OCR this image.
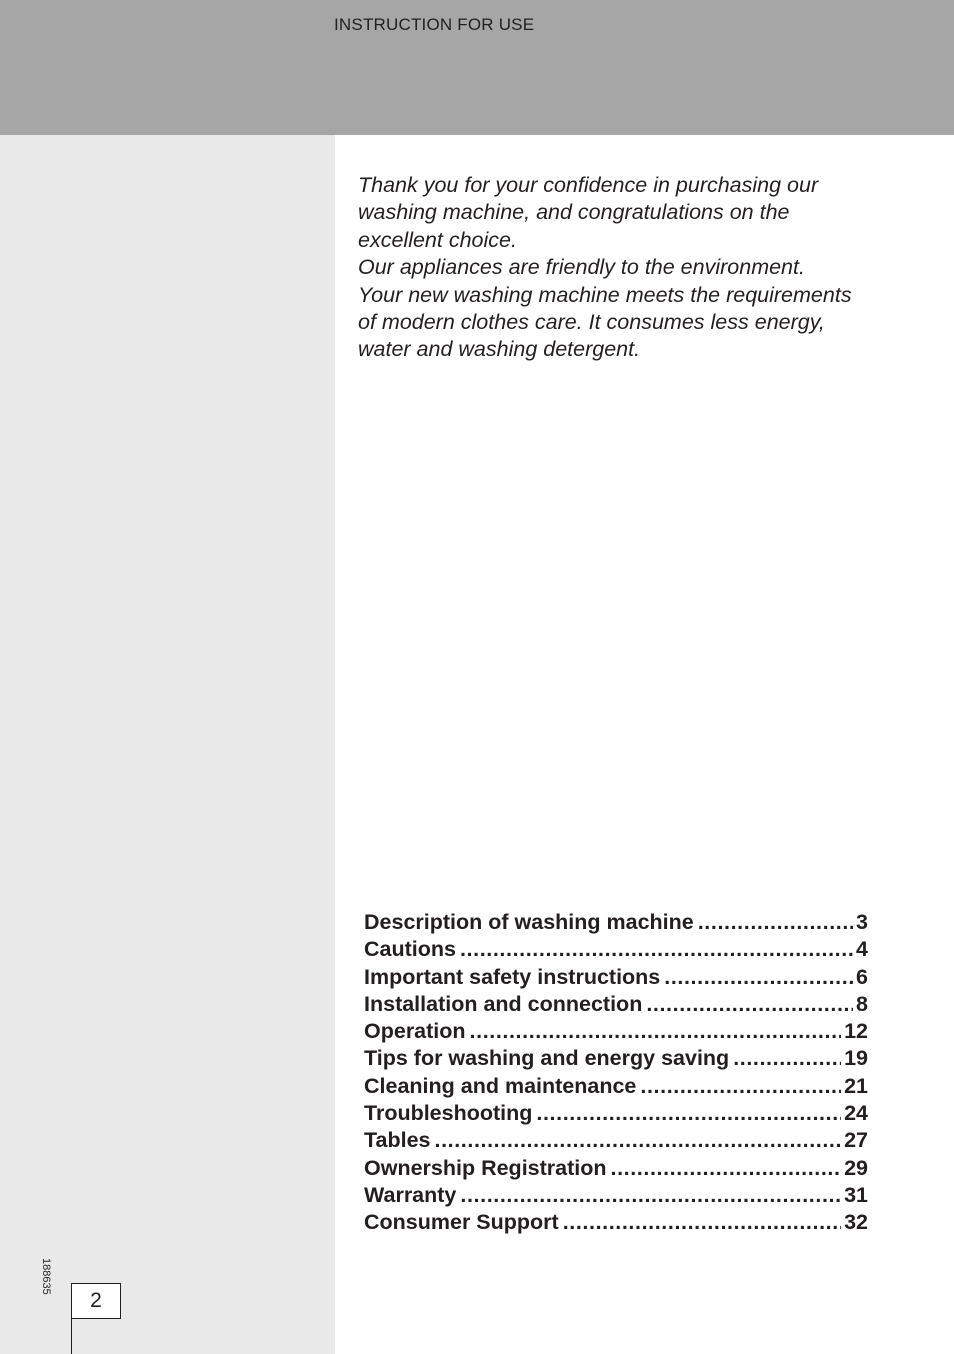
INSTRUCTION FOR USE

Thank you for your confidence in purchasing our

washing machine, and congratulations on the

excellent choice.

Our appliances are friendly to the environment.

Your new washing machine meets the requirements

of modern clothes care. It consumes less energy,

water and washing detergent.

Description of washing machine .....	3
Cautions .....	4
Important safety instructions .....	6
Installation and connection .....	8
Operation .....	12
Tips for washing and energy saving .....	19
Cleaning and maintenance .....	21
Troubleshooting .....	24
Tables .....	27
Ownership Registration .....	29
Warranty .....	31
Consumer Support .....	32
188635
2
